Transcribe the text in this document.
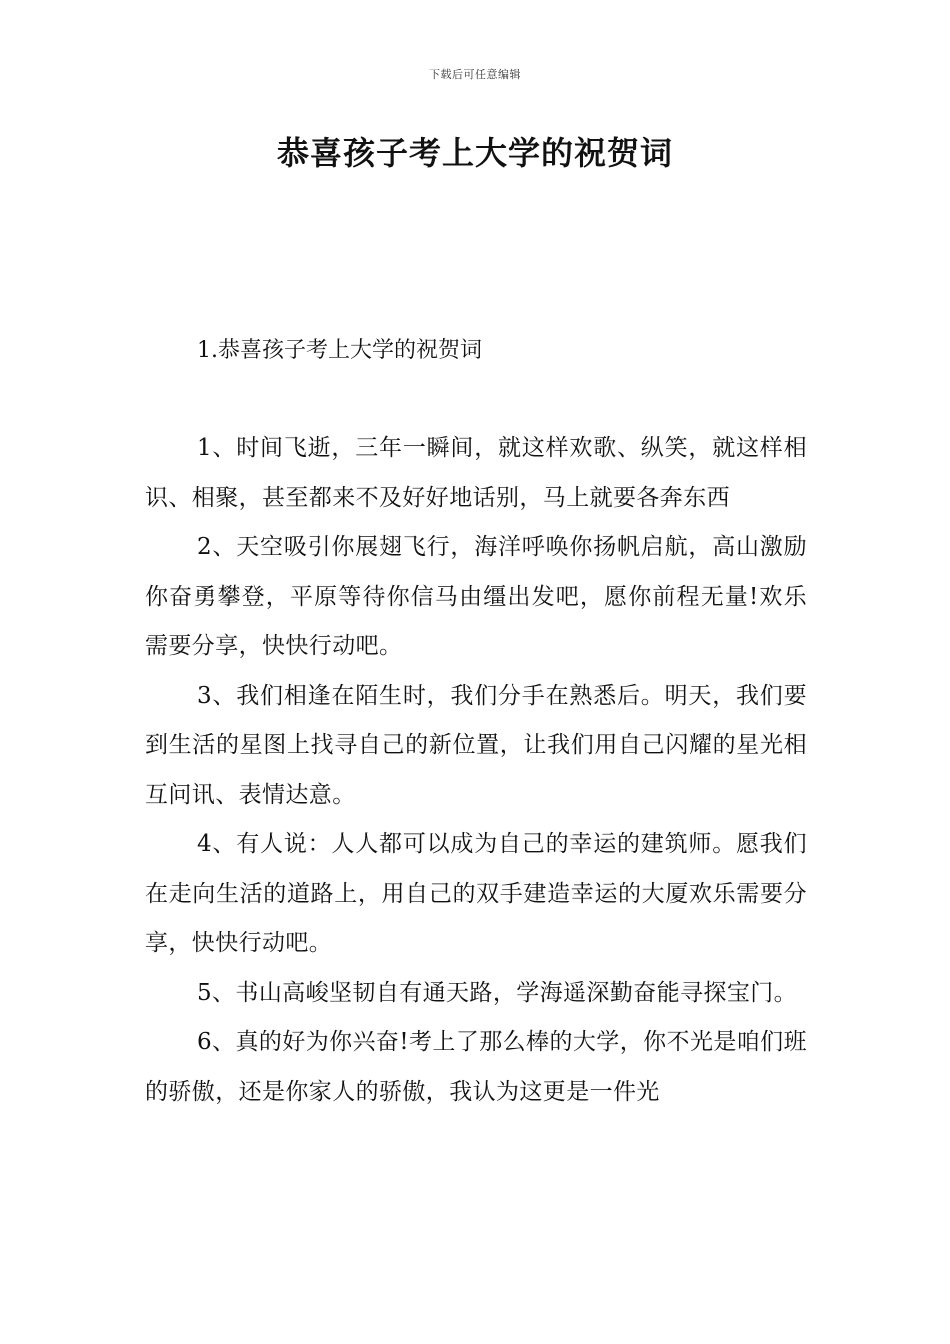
下载后可任意编辑
恭喜孩子考上大学的祝贺词
1.恭喜孩子考上大学的祝贺词

1、时间飞逝，三年一瞬间，就这样欢歌、纵笑，就这样相识、相聚，甚至都来不及好好地话别，马上就要各奔东西

2、天空吸引你展翅飞行，海洋呼唤你扬帆启航，高山激励你奋勇攀登，平原等待你信马由缰出发吧，愿你前程无量!欢乐需要分享，快快行动吧。

3、我们相逢在陌生时，我们分手在熟悉后。明天，我们要到生活的星图上找寻自己的新位置，让我们用自己闪耀的星光相互问讯、表情达意。

4、有人说：人人都可以成为自己的幸运的建筑师。愿我们在走向生活的道路上，用自己的双手建造幸运的大厦欢乐需要分享，快快行动吧。

5、书山高峻坚韧自有通天路，学海遥深勤奋能寻探宝门。

6、真的好为你兴奋!考上了那么棒的大学，你不光是咱们班的骄傲，还是你家人的骄傲，我认为这更是一件光
